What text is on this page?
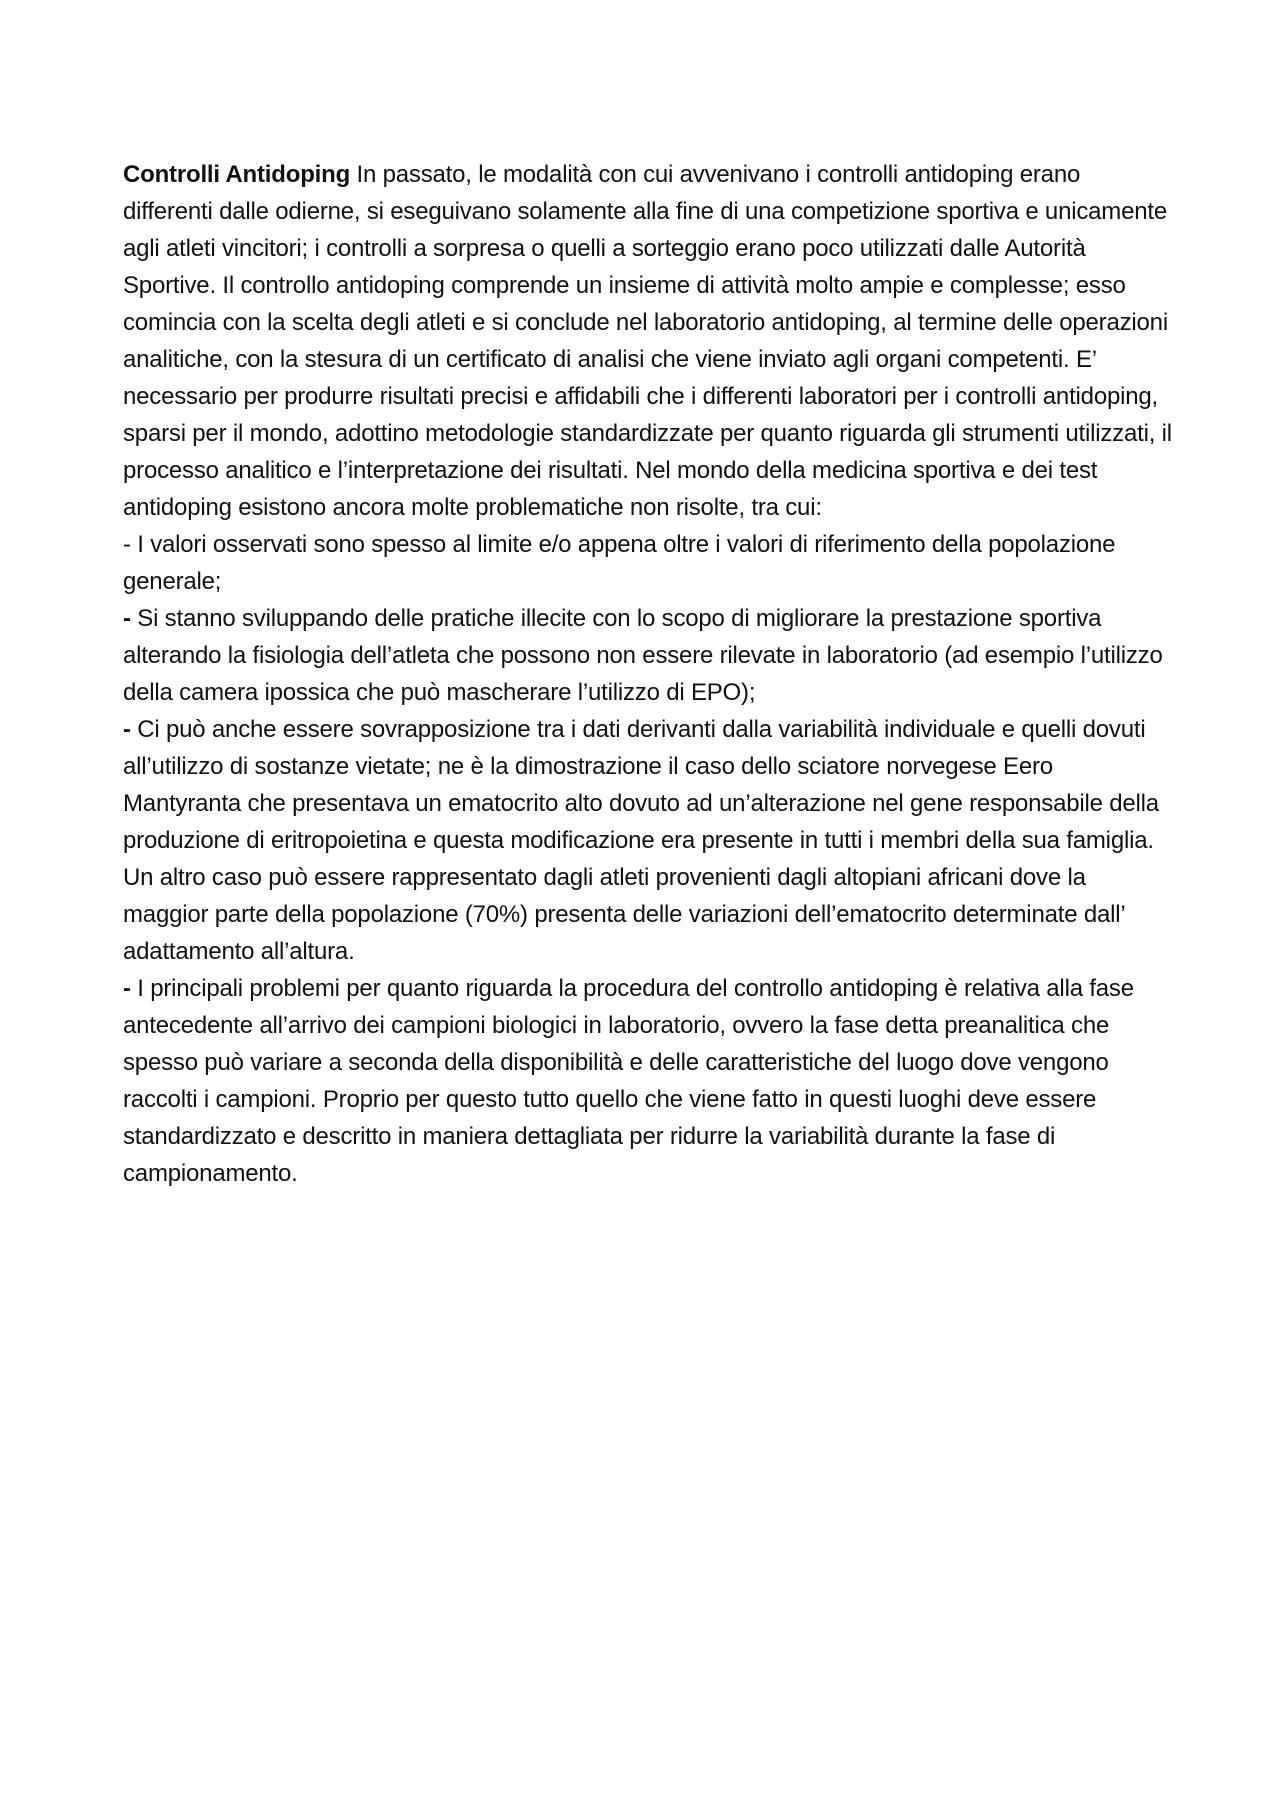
Controlli Antidoping In passato, le modalità con cui avvenivano i controlli antidoping erano differenti dalle odierne, si eseguivano solamente alla fine di una competizione sportiva e unicamente agli atleti vincitori; i controlli a sorpresa o quelli a sorteggio erano poco utilizzati dalle Autorità Sportive. Il controllo antidoping comprende un insieme di attività molto ampie e complesse; esso comincia con la scelta degli atleti e si conclude nel laboratorio antidoping, al termine delle operazioni analitiche, con la stesura di un certificato di analisi che viene inviato agli organi competenti. E’ necessario per produrre risultati precisi e affidabili che i differenti laboratori per i controlli antidoping, sparsi per il mondo, adottino metodologie standardizzate per quanto riguarda gli strumenti utilizzati, il processo analitico e l’interpretazione dei risultati. Nel mondo della medicina sportiva e dei test antidoping esistono ancora molte problematiche non risolte, tra cui:

- I valori osservati sono spesso al limite e/o appena oltre i valori di riferimento della popolazione generale;

- Si stanno sviluppando delle pratiche illecite con lo scopo di migliorare la prestazione sportiva alterando la fisiologia dell’atleta che possono non essere rilevate in laboratorio (ad esempio l’utilizzo della camera ipossica che può mascherare l’utilizzo di EPO);

- Ci può anche essere sovrapposizione tra i dati derivanti dalla variabilità individuale e quelli dovuti all’utilizzo di sostanze vietate; ne è la dimostrazione il caso dello sciatore norvegese Eero Mantyranta che presentava un ematocrito alto dovuto ad un’alterazione nel gene responsabile della produzione di eritropoietina e questa modificazione era presente in tutti i membri della sua famiglia. Un altro caso può essere rappresentato dagli atleti provenienti dagli altopiani africani dove la maggior parte della popolazione (70%) presenta delle variazioni dell’ematocrito determinate dall’ adattamento all’altura.

- I principali problemi per quanto riguarda la procedura del controllo antidoping è relativa alla fase antecedente all’arrivo dei campioni biologici in laboratorio, ovvero la fase detta preanalitica che spesso può variare a seconda della disponibilità e delle caratteristiche del luogo dove vengono raccolti i campioni. Proprio per questo tutto quello che viene fatto in questi luoghi deve essere standardizzato e descritto in maniera dettagliata per ridurre la variabilità durante la fase di campionamento.
